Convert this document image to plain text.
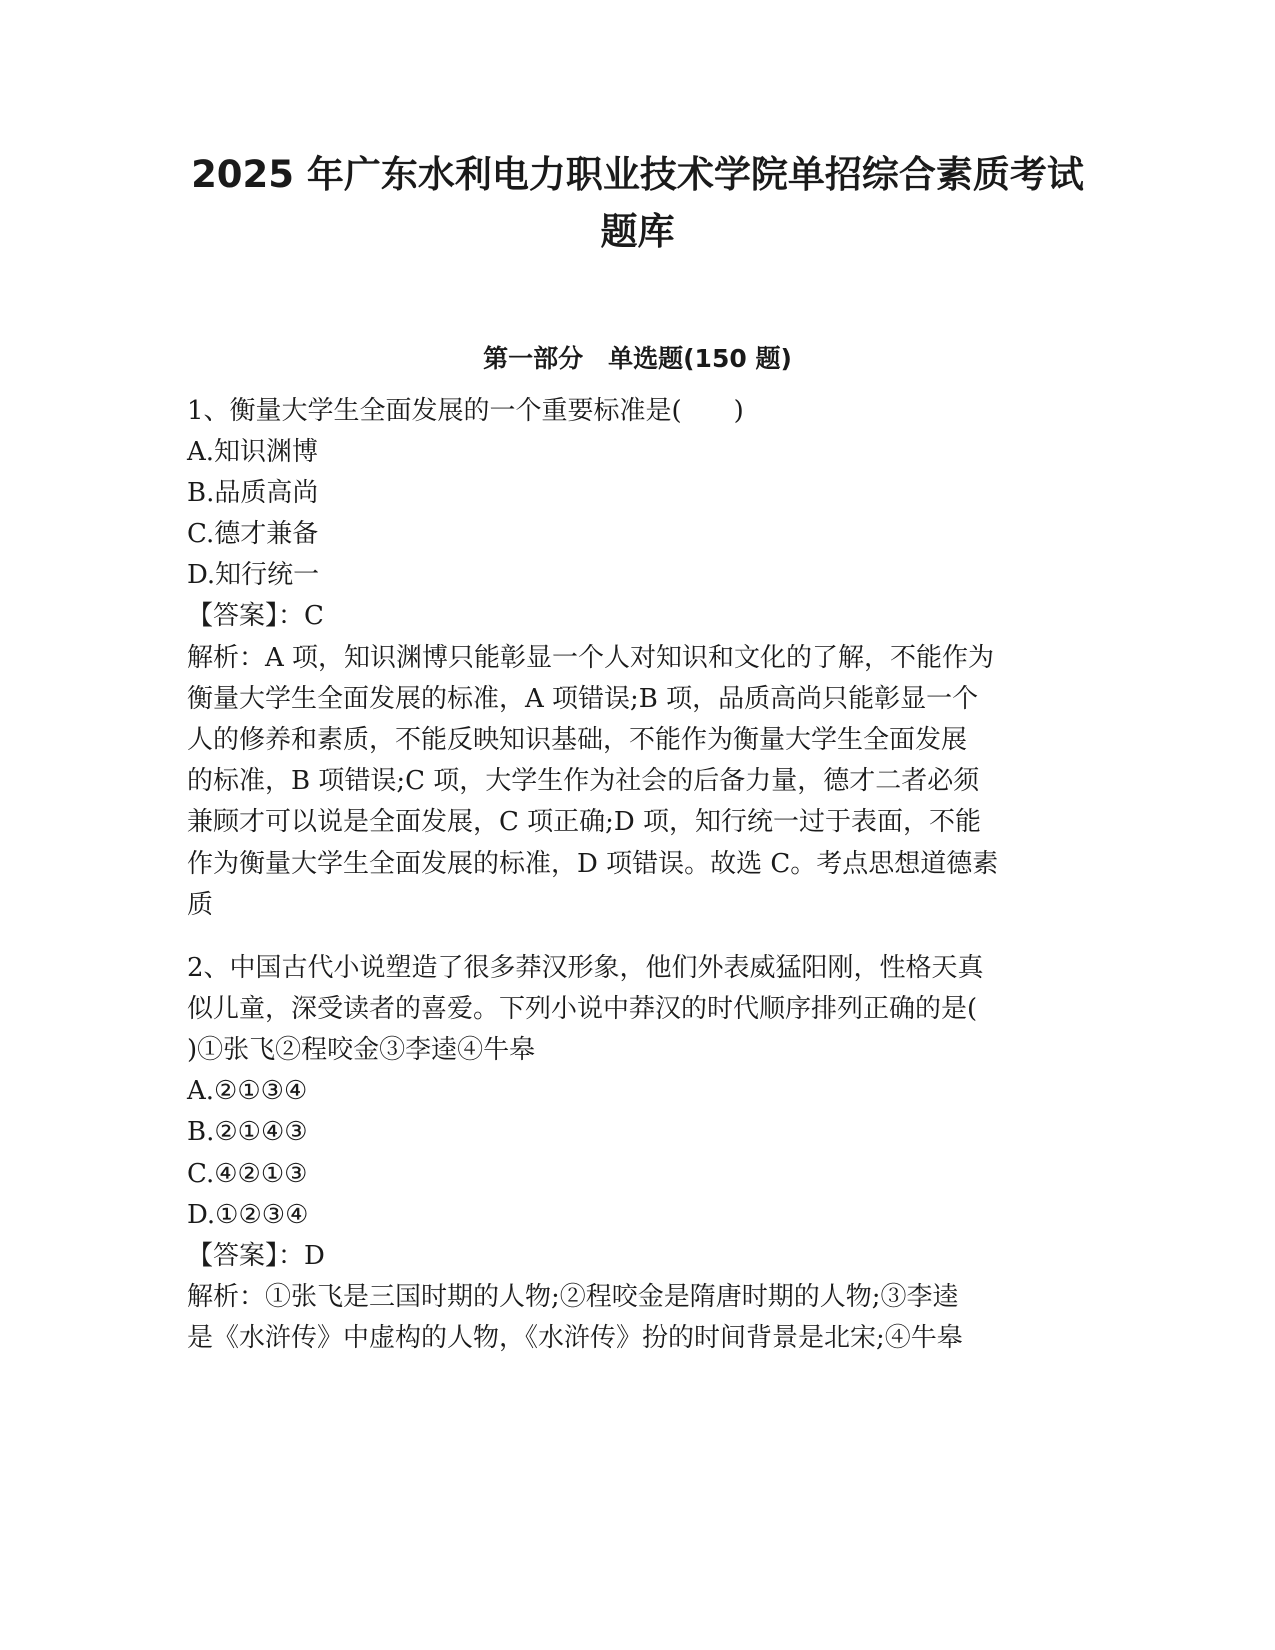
2025 年广东水利电力职业技术学院单招综合素质考试
题库
第一部分　单选题(150 题)

1、衡量大学生全面发展的一个重要标准是(　　)

A.知识渊博

B.品质高尚

C.德才兼备

D.知行统一

【答案】：C

解析：A 项，知识渊博只能彰显一个人对知识和文化的了解，不能作为

衡量大学生全面发展的标准，A 项错误;B 项，品质高尚只能彰显一个

人的修养和素质，不能反映知识基础，不能作为衡量大学生全面发展

的标准，B 项错误;C 项，大学生作为社会的后备力量，德才二者必须

兼顾才可以说是全面发展，C 项正确;D 项，知行统一过于表面，不能

作为衡量大学生全面发展的标准，D 项错误。故选 C。考点思想道德素

质

2、中国古代小说塑造了很多莽汉形象，他们外表威猛阳刚，性格天真

似儿童，深受读者的喜爱。下列小说中莽汉的时代顺序排列正确的是(

)①张飞②程咬金③李逵④牛皋

A.②①③④

B.②①④③

C.④②①③

D.①②③④

【答案】：D

解析：①张飞是三国时期的人物;②程咬金是隋唐时期的人物;③李逵

是《水浒传》中虚构的人物，《水浒传》扮的时间背景是北宋;④牛皋
